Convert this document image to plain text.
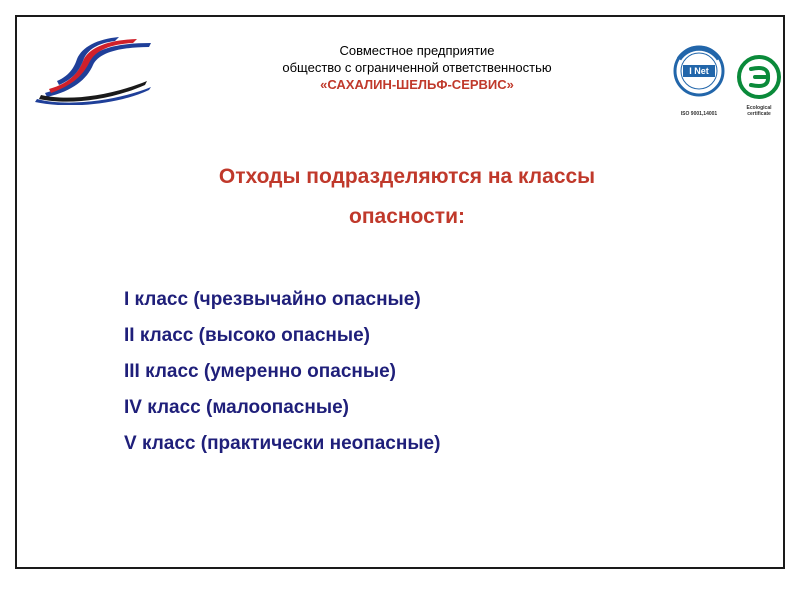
Совместное предприятие
общество с ограниченной ответственностью
«САХАЛИН-ШЕЛЬФ-СЕРВИС»
I Net
ISO 9001,14001
Ecological certificate
Отходы подразделяются на классы
опасности:
I класс (чрезвычайно опасные)
II класс (высоко опасные)
III класс (умеренно опасные)
IV класс (малоопасные)
V класс (практически неопасные)
